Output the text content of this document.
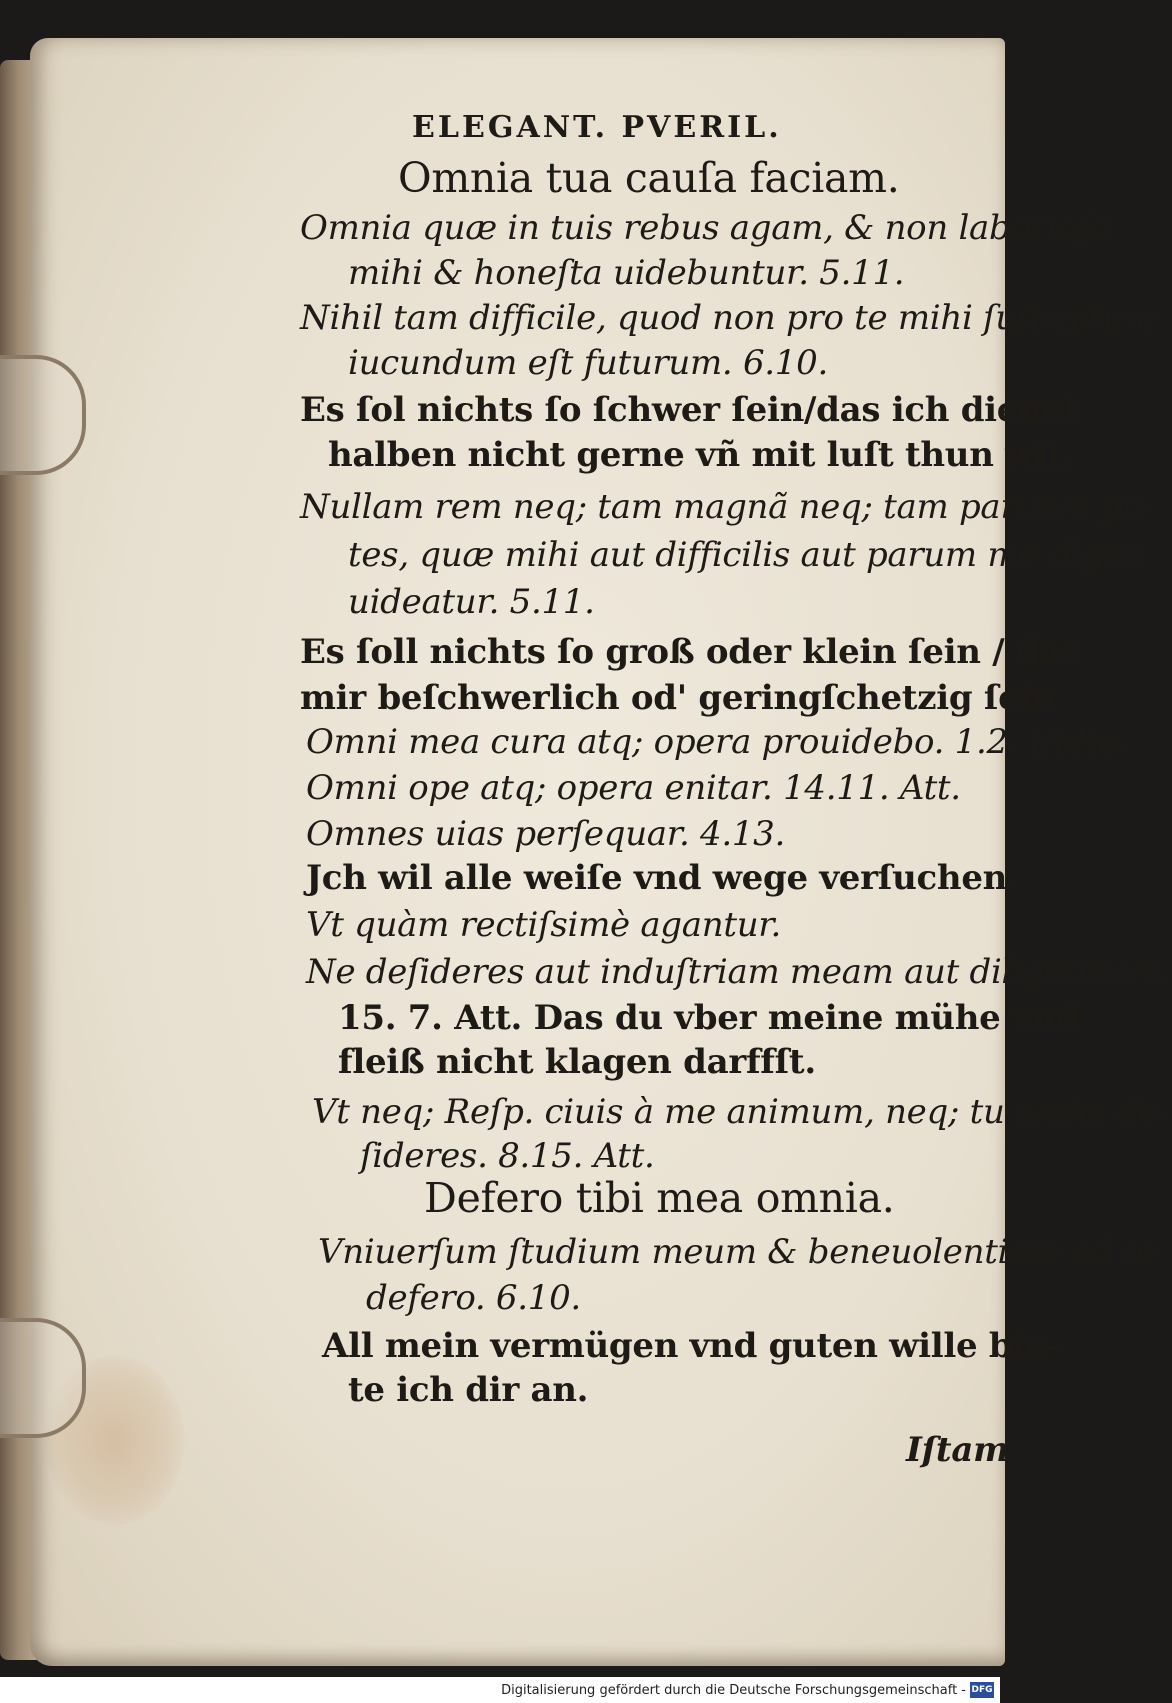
ELEGANT. PVERIL.
Omnia tua cauſa faciam.
Omnia quæ in tuis rebus agam, & non laborioſa
mihi & honeſta uidebuntur. 5.11.
Nihil tam difficile, quod non pro te mihi ſuſceptum
iucundum eſt futurum. 6.10.
Es ſol nichts ſo ſchwer ſein/das ich dienet
halben nicht gerne vñ mit luſt thun wil.
Nullam rem neq; tam magnã neq; tam paruam pu-
tes, quæ mihi aut difficilis aut parum me digna
uideatur. 5.11.
Es ſoll nichts ſo groß oder klein ſein / das
mir beſchwerlich od' geringſchetzig ſein
Omni mea cura atq; opera prouidebo. 1.2. (ſolte.
Omni ope atq; opera enitar. 14.11. Att.
Omnes uias perſequar. 4.13.
Jch wil alle weiſe vnd wege verſuchen.
Vt quàm rectiſsimè agantur.
Ne deſideres aut induſtriam meam aut diligentiam.
15. 7. Att. Das du vber meine mühe vnd
fleiß nicht klagen darffſt.
Vt neq; Reſp. ciuis à me animum, neq; tu amici de-
ſideres. 8.15. Att.
Defero tibi mea omnia.
Vniuerſum ſtudium meum & beneuolentiam ad te
defero. 6.10.
All mein vermügen vnd guten wille bie-
te ich dir an.
Iſtam
Digitalisierung gefördert durch die Deutsche Forschungsgemeinschaft - DFG
